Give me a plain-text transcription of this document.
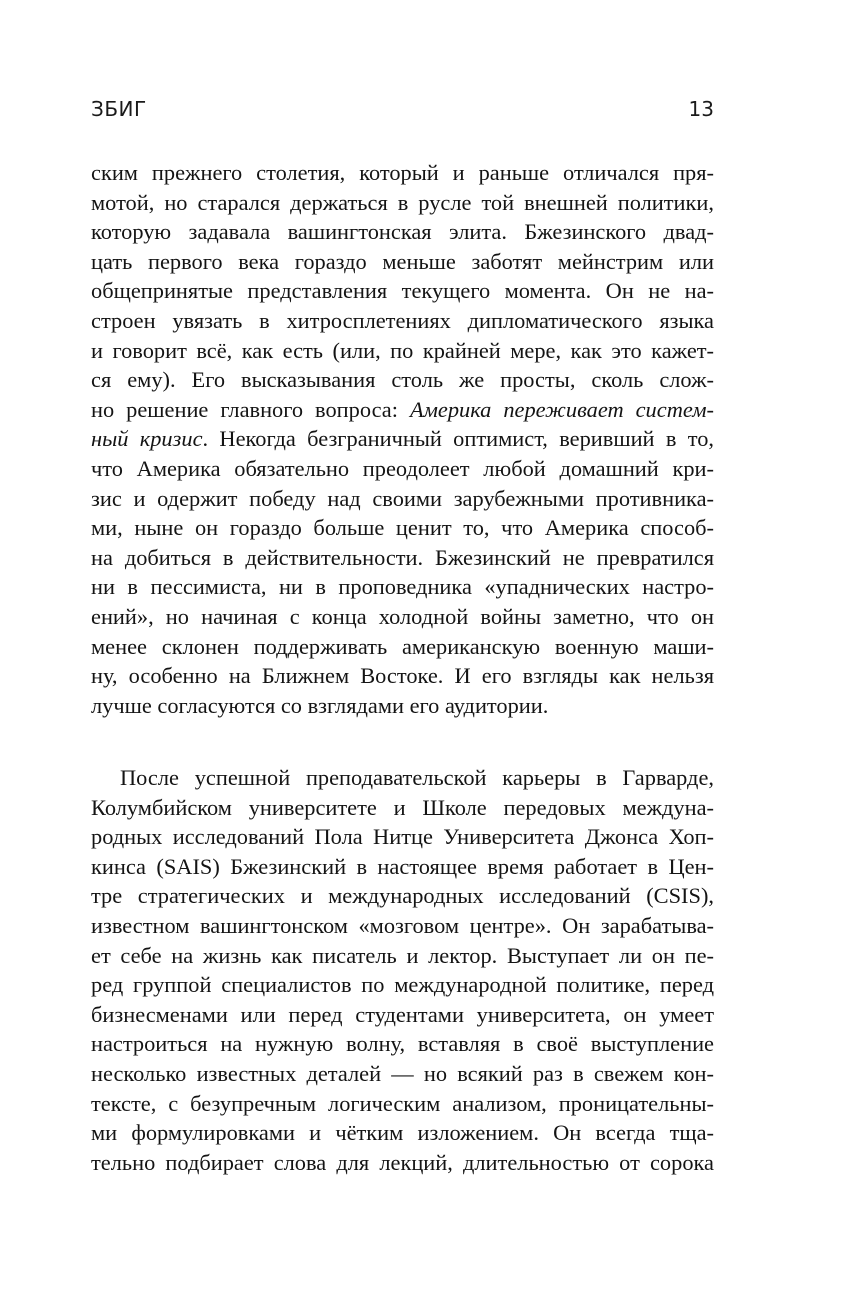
ЗБИГ	13
ским прежнего столетия, который и раньше отличался пря-
мотой, но старался держаться в русле той внешней политики,
которую задавала вашингтонская элита. Бжезинского двад-
цать первого века гораздо меньше заботят мейнстрим или
общепринятые представления текущего момента. Он не на-
строен увязать в хитросплетениях дипломатического языка
и говорит всё, как есть (или, по крайней мере, как это кажет-
ся ему). Его высказывания столь же просты, сколь слож-
но решение главного вопроса: Америка переживает систем-
ный кризис. Некогда безграничный оптимист, веривший в то,
что Америка обязательно преодолеет любой домашний кри-
зис и одержит победу над своими зарубежными противника-
ми, ныне он гораздо больше ценит то, что Америка способ-
на добиться в действительности. Бжезинский не превратился
ни в пессимиста, ни в проповедника «упаднических настро-
ений», но начиная с конца холодной войны заметно, что он
менее склонен поддерживать американскую военную маши-
ну, особенно на Ближнем Востоке. И его взгляды как нельзя
лучше согласуются со взглядами его аудитории.
После успешной преподавательской карьеры в Гарварде,
Колумбийском университете и Школе передовых междуна-
родных исследований Пола Нитце Университета Джонса Хоп-
кинса (SAIS) Бжезинский в настоящее время работает в Цен-
тре стратегических и международных исследований (CSIS),
известном вашингтонском «мозговом центре». Он зарабатыва-
ет себе на жизнь как писатель и лектор. Выступает ли он пе-
ред группой специалистов по международной политике, перед
бизнесменами или перед студентами университета, он умеет
настроиться на нужную волну, вставляя в своё выступление
несколько известных деталей — но всякий раз в свежем кон-
тексте, с безупречным логическим анализом, проницательны-
ми формулировками и чётким изложением. Он всегда тща-
тельно подбирает слова для лекций, длительностью от сорока
